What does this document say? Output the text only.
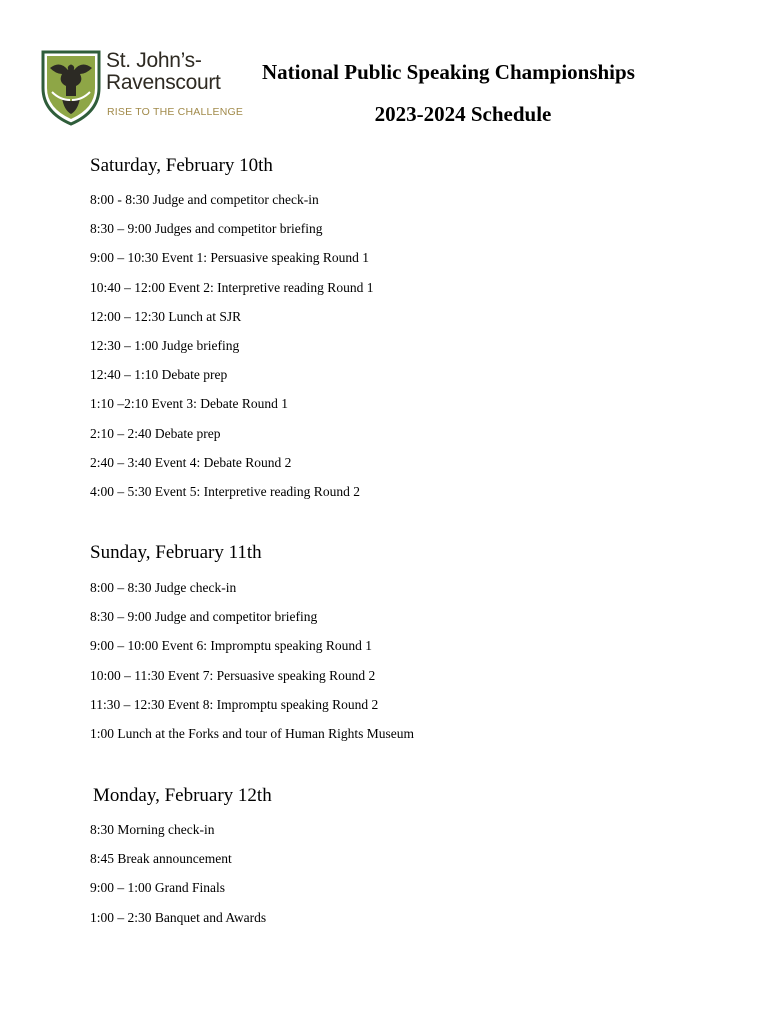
St. John’s-
Ravenscourt
RISE TO THE CHALLENGE
National Public Speaking Championships
2023-2024 Schedule
Saturday, February 10th
8:00 - 8:30 Judge and competitor check-in
8:30 – 9:00 Judges and competitor briefing
9:00 – 10:30 Event 1: Persuasive speaking Round 1
10:40 – 12:00 Event 2: Interpretive reading Round 1
12:00 – 12:30 Lunch at SJR
12:30 – 1:00 Judge briefing
12:40 – 1:10 Debate prep
1:10 –2:10 Event 3: Debate Round 1
2:10 – 2:40 Debate prep
2:40 – 3:40 Event 4: Debate Round 2
4:00 – 5:30 Event 5: Interpretive reading Round 2
Sunday, February 11th
8:00 – 8:30 Judge check-in
8:30 – 9:00 Judge and competitor briefing
9:00 – 10:00 Event 6: Impromptu speaking Round 1
10:00 – 11:30 Event 7: Persuasive speaking Round 2
11:30 – 12:30 Event 8: Impromptu speaking Round 2
1:00 Lunch at the Forks and tour of Human Rights Museum
Monday, February 12th
8:30 Morning check-in
8:45 Break announcement
9:00 – 1:00 Grand Finals
1:00 – 2:30 Banquet and Awards
